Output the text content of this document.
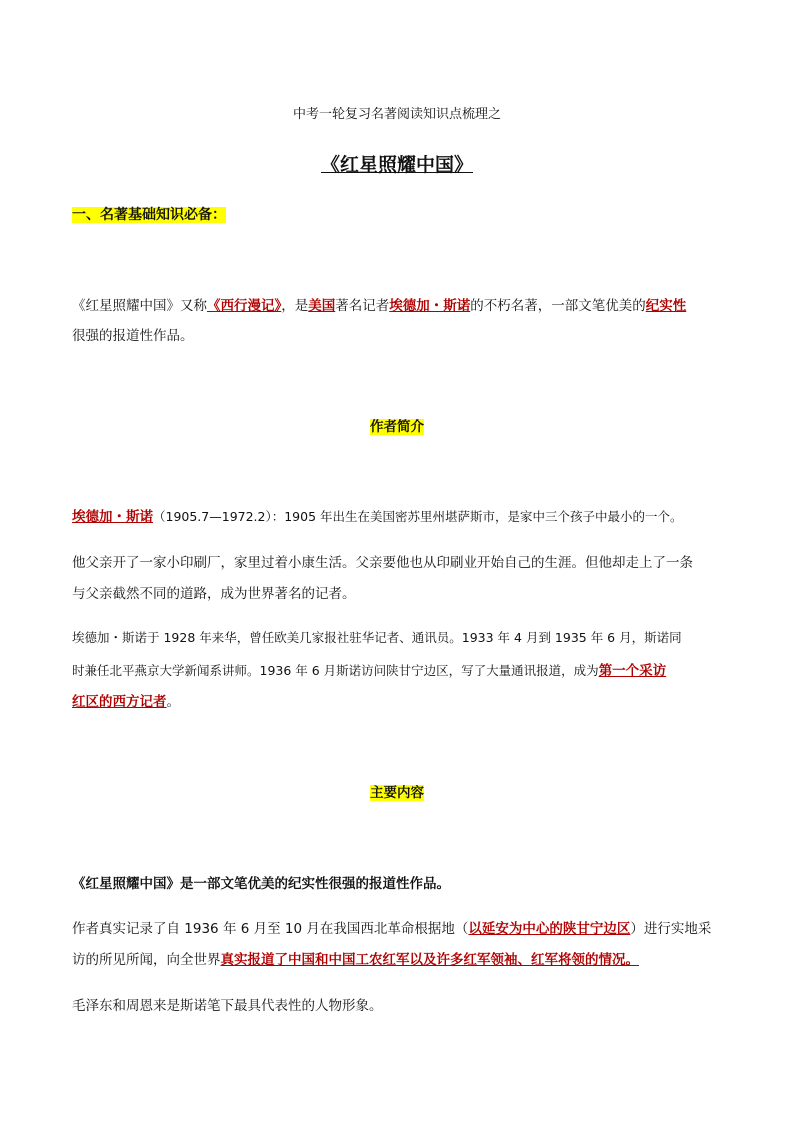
中考一轮复习名著阅读知识点梳理之
《红星照耀中国》
一、名著基础知识必备：
《红星照耀中国》又称《西行漫记》，是美国著名记者埃德加・斯诺的不朽名著，一部文笔优美的纪实性
很强的报道性作品。
作者简介
埃德加・斯诺（1905.7—1972.2）：1905 年出生在美国密苏里州堪萨斯市，是家中三个孩子中最小的一个。
他父亲开了一家小印刷厂，家里过着小康生活。父亲要他也从印刷业开始自己的生涯。但他却走上了一条
与父亲截然不同的道路，成为世界著名的记者。
埃德加・斯诺于 1928 年来华，曾任欧美几家报社驻华记者、通讯员。1933 年 4 月到 1935 年 6 月，斯诺同
时兼任北平燕京大学新闻系讲师。1936 年 6 月斯诺访问陕甘宁边区，写了大量通讯报道，成为第一个采访
红区的西方记者。
主要内容
《红星照耀中国》是一部文笔优美的纪实性很强的报道性作品。
作者真实记录了自 1936 年 6 月至 10 月在我国西北革命根据地（以延安为中心的陕甘宁边区）进行实地采
访的所见所闻，向全世界真实报道了中国和中国工农红军以及许多红军领袖、红军将领的情况。
毛泽东和周恩来是斯诺笔下最具代表性的人物形象。
